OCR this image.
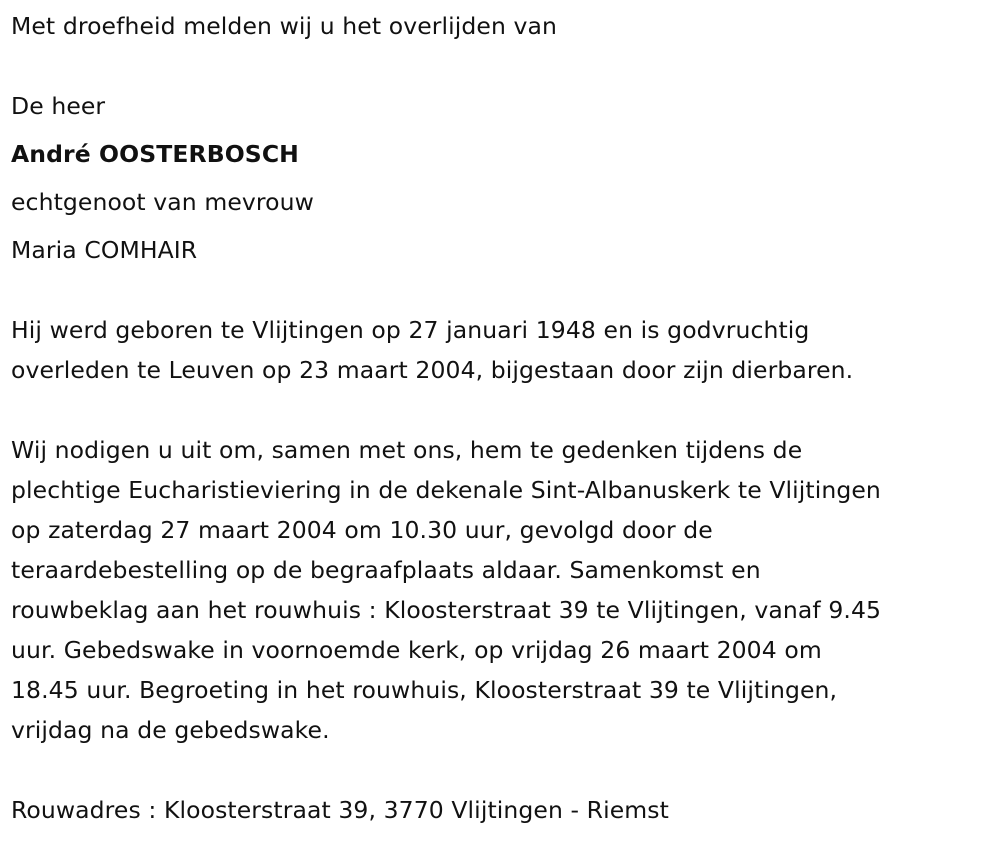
Met droefheid melden wij u het overlijden van

De heer

André OOSTERBOSCH

echtgenoot van mevrouw

Maria COMHAIR

Hij werd geboren te Vlijtingen op 27 januari 1948 en is godvruchtig

overleden te Leuven op 23 maart 2004, bijgestaan door zijn dierbaren.

Wij nodigen u uit om, samen met ons, hem te gedenken tijdens de

plechtige Eucharistieviering in de dekenale Sint-Albanuskerk te Vlijtingen

op zaterdag 27 maart 2004 om 10.30 uur, gevolgd door de

teraardebestelling op de begraafplaats aldaar. Samenkomst en

rouwbeklag aan het rouwhuis : Kloosterstraat 39 te Vlijtingen, vanaf 9.45

uur. Gebedswake in voornoemde kerk, op vrijdag 26 maart 2004 om

18.45 uur. Begroeting in het rouwhuis, Kloosterstraat 39 te Vlijtingen,

vrijdag na de gebedswake.

Rouwadres : Kloosterstraat 39, 3770 Vlijtingen - Riemst
